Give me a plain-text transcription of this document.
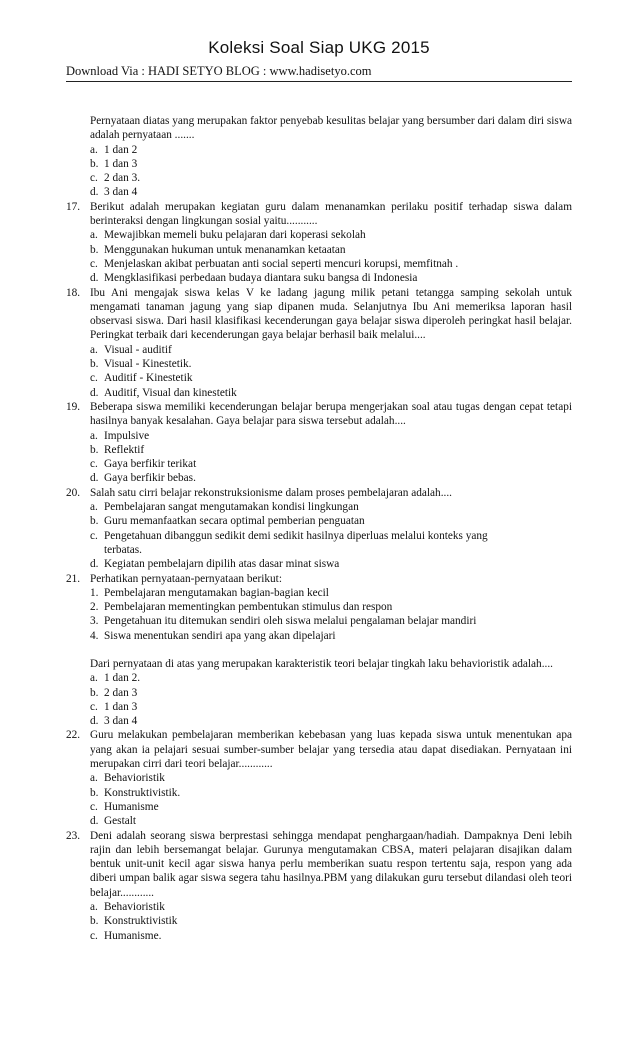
Koleksi Soal Siap UKG 2015
Download Via : HADI SETYO BLOG : www.hadisetyo.com

Pernyataan diatas yang merupakan faktor penyebab kesulitas belajar yang bersumber dari dalam diri siswa adalah pernyataan .......

a. 1 dan 2
b. 1 dan 3
c. 2 dan 3.
d. 3 dan 4
17. Berikut adalah merupakan kegiatan guru dalam menanamkan perilaku positif terhadap siswa dalam berinteraksi dengan lingkungan sosial yaitu...........
a. Mewajibkan memeli buku pelajaran dari koperasi sekolah
b. Menggunakan hukuman untuk menanamkan ketaatan
c. Menjelaskan akibat perbuatan anti social seperti mencuri korupsi, memfitnah .
d. Mengklasifikasi perbedaan budaya diantara suku bangsa di Indonesia
18. Ibu Ani mengajak siswa kelas V ke ladang jagung milik petani tetangga samping sekolah untuk mengamati tanaman jagung yang siap dipanen muda. Selanjutnya Ibu Ani memeriksa laporan hasil observasi siswa. Dari hasil klasifikasi kecenderungan gaya belajar siswa diperoleh peringkat hasil belajar. Peringkat terbaik dari kecenderungan gaya belajar berhasil baik melalui....
a. Visual - auditif
b. Visual - Kinestetik.
c. Auditif - Kinestetik
d. Auditif, Visual dan kinestetik
19. Beberapa siswa memiliki kecenderungan belajar berupa mengerjakan soal atau tugas dengan cepat tetapi hasilnya banyak kesalahan. Gaya belajar para siswa tersebut adalah....
a. Impulsive
b. Reflektif
c. Gaya berfikir terikat
d. Gaya berfikir bebas.
20. Salah satu cirri belajar rekonstruksionisme dalam proses pembelajaran adalah....
a. Pembelajaran sangat mengutamakan kondisi lingkungan
b. Guru memanfaatkan secara optimal pemberian penguatan
c. Pengetahuan dibanggun sedikit demi sedikit hasilnya diperluas melalui konteks yang
terbatas.
d. Kegiatan pembelajarn dipilih atas dasar minat siswa
21. Perhatikan pernyataan-pernyataan berikut:
1. Pembelajaran mengutamakan bagian-bagian kecil
2. Pembelajaran mementingkan pembentukan stimulus dan respon
3. Pengetahuan itu ditemukan sendiri oleh siswa melalui pengalaman belajar mandiri
4. Siswa menentukan sendiri apa yang akan dipelajari

Dari pernyataan di atas yang merupakan karakteristik teori belajar tingkah laku behavioristik adalah....

a. 1 dan 2.
b. 2 dan 3
c. 1 dan 3
d. 3 dan 4
22. Guru melakukan pembelajaran memberikan kebebasan yang luas kepada siswa untuk menentukan apa yang akan ia pelajari sesuai sumber-sumber belajar yang tersedia atau dapat disediakan. Pernyataan ini merupakan cirri dari teori belajar............
a. Behavioristik
b. Konstruktivistik.
c. Humanisme
d. Gestalt
23. Deni adalah seorang siswa berprestasi sehingga mendapat penghargaan/hadiah. Dampaknya Deni lebih rajin dan lebih bersemangat belajar. Gurunya mengutamakan CBSA, materi pelajaran disajikan dalam bentuk unit-unit kecil agar siswa hanya perlu memberikan suatu respon tertentu saja, respon yang ada diberi umpan balik agar siswa segera tahu hasilnya.PBM yang dilakukan guru tersebut dilandasi oleh teori belajar............
a. Behavioristik
b. Konstruktivistik
c. Humanisme.
